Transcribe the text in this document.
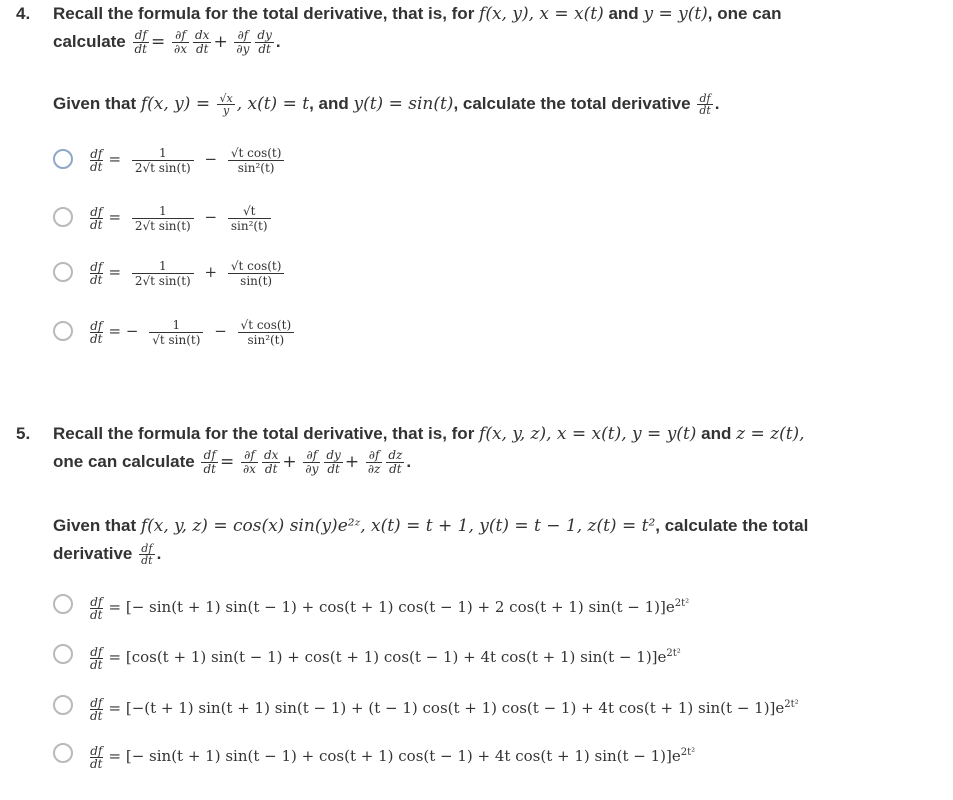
4. Recall the formula for the total derivative, that is, for f(x, y), x = x(t) and y = y(t), one can
calculate $\frac{df}{dt} = \frac{\partial f}{\partial x} \frac{dx}{dt} + \frac{\partial f}{\partial y} \frac{dy}{dt}$ .
Given that f(x, $y) = \frac{√x}{y}$ , x(t) = t, and y(t) = sin(t), calculate the total derivative $\frac{df}{dt}$ .
$\frac{df}{dt} = \frac{1}{\text{2√t sin(t)}} - \frac{\text{√t cos(t)}}{\text{sin²(t)}}$
$\frac{df}{dt} = \frac{1}{\text{2√t sin(t)}} - \frac{√t}{\text{sin²(t)}}$
$\frac{df}{dt} = \frac{1}{\text{2√t sin(t)}} + \frac{\text{√t cos(t)}}{\sin(t)}$
$\frac{df}{dt}$ = − $\frac{1}{\text{√t sin(t)}} - \frac{\text{√t cos(t)}}{\text{sin²(t)}}$
5. Recall the formula for the total derivative, that is, for f(x, y, z), x = x(t), y = y(t) and z = z(t),
one can calculate $\frac{df}{dt} = \frac{\partial f}{\partial x} \frac{dx}{dt} + \frac{\partial f}{\partial y} \frac{dy}{dt} + \frac{\partial f}{\partial z} \frac{dz}{dt}$ .
Given that f(x, y, z) = cos(x) sin(y)e²ᶻ, x(t) = t + 1, y(t) = t − 1, z(t) = t², calculate the total
derivative $\frac{df}{dt}$ .
$\frac{df}{dt}$ = [− sin(t + 1) sin(t − 1) + cos(t + 1) cos(t − 1) + 2 cos(t + 1) $\sin(t - 1)]e^{2t^2}$
$\frac{df}{dt} = [\cos(t + 1) \sin(t - 1) + \cos(t + 1) \cos(t - 1) + 4t$ cos(t + 1) $\sin(t - 1)]e^{2t^2}$
$\frac{df}{dt} = [-(t + 1) \sin(t + 1) \sin(t - 1) + (t - 1) \cos(t + 1) \cos(t - 1) + 4t$ cos(t + 1) $\sin(t - 1)]e^{2t^2}$
$\frac{df}{dt}$ = [− sin(t + 1) sin(t − 1) + cos(t + 1) cos(t − 1) + 4t cos(t + 1) $\sin(t - 1)]e^{2t^2}$
